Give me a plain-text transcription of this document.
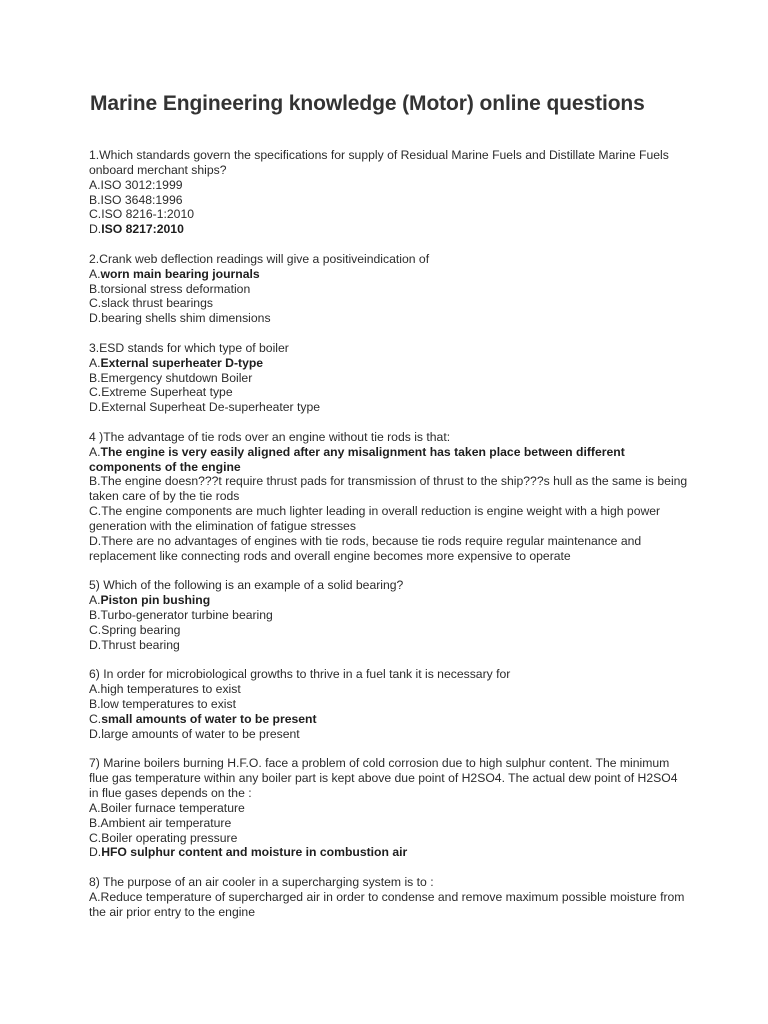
Marine Engineering knowledge (Motor) online questions
1.Which standards govern the specifications for supply of Residual Marine Fuels and Distillate Marine Fuels onboard merchant ships?
A.ISO 3012:1999
B.ISO 3648:1996
C.ISO 8216-1:2010
D.ISO 8217:2010
2.Crank web deflection readings will give a positiveindication of
A.worn main bearing journals
B.torsional stress deformation
C.slack thrust bearings
D.bearing shells shim dimensions
3.ESD stands for which type of boiler
A.External superheater D-type
B.Emergency shutdown Boiler
C.Extreme Superheat type
D.External Superheat De-superheater type
4 )The advantage of tie rods over an engine without tie rods is that:
A.The engine is very easily aligned after any misalignment has taken place between different components of the engine
B.The engine doesn???t require thrust pads for transmission of thrust to the ship???s hull as the same is being taken care of by the tie rods
C.The engine components are much lighter leading in overall reduction is engine weight with a high power generation with the elimination of fatigue stresses
D.There are no advantages of engines with tie rods, because tie rods require regular maintenance and replacement like connecting rods and overall engine becomes more expensive to operate
5) Which of the following is an example of a solid bearing?
A.Piston pin bushing
B.Turbo-generator turbine bearing
C.Spring bearing
D.Thrust bearing
6) In order for microbiological growths to thrive in a fuel tank it is necessary for
A.high temperatures to exist
B.low temperatures to exist
C.small amounts of water to be present
D.large amounts of water to be present
7) Marine boilers burning H.F.O. face a problem of cold corrosion due to high sulphur content. The minimum flue gas temperature within any boiler part is kept above due point of H2SO4. The actual dew point of H2SO4 in flue gases depends on the :
A.Boiler furnace temperature
B.Ambient air temperature
C.Boiler operating pressure
D.HFO sulphur content and moisture in combustion air
8) The purpose of an air cooler in a supercharging system is to :
A.Reduce temperature of supercharged air in order to condense and remove maximum possible moisture from the air prior entry to the engine
